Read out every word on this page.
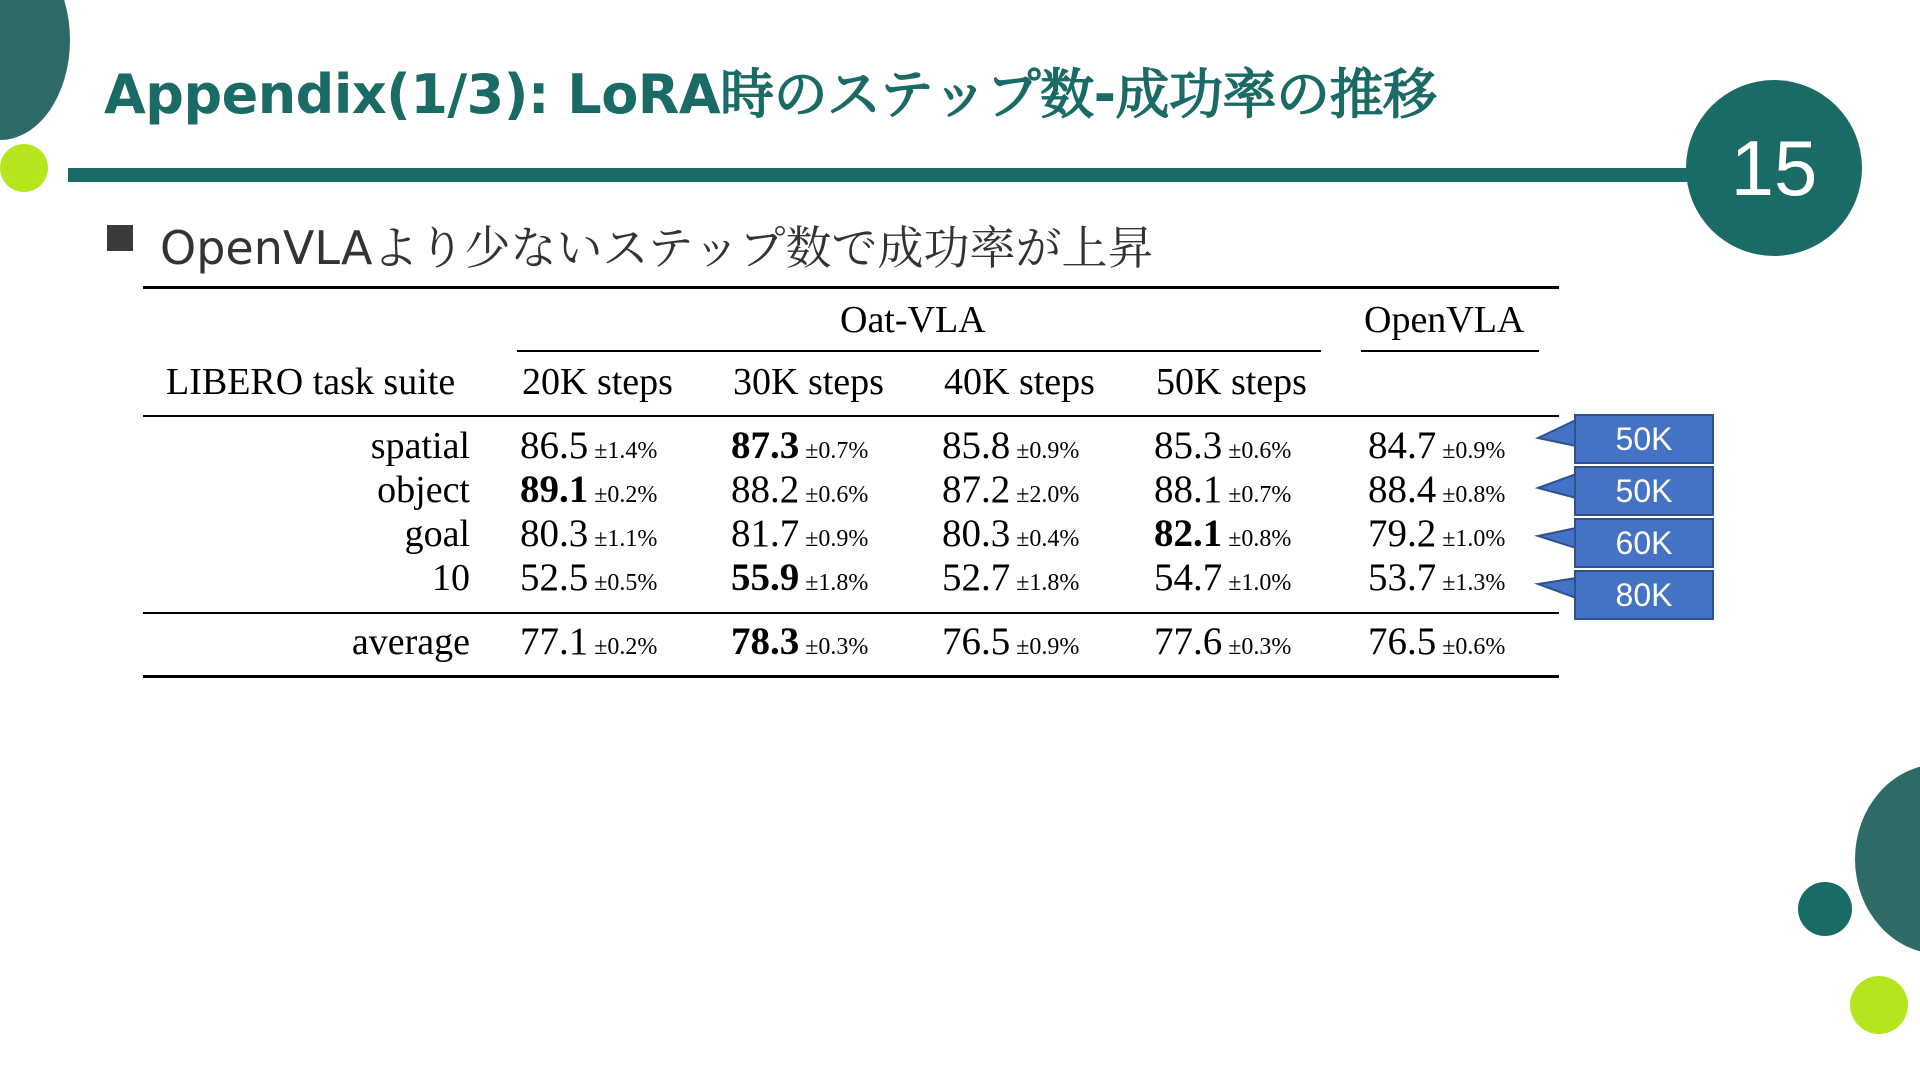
Appendix(1/3): LoRA時のステップ数-成功率の推移
15
OpenVLAより少ないステップ数で成功率が上昇
Oat-VLA	OpenVLA
LIBERO task suite 20K steps 30K steps 40K steps 50K steps
spatial
object
goal
10
86.5 ±1.4% 87.3 ±0.7% 85.8 ±0.9% 85.3 ±0.6% 84.7 ±0.9%
89.1 ±0.2% 88.2 ±0.6% 87.2 ±2.0% 88.1 ±0.7% 88.4 ±0.8%
80.3 ±1.1% 81.7 ±0.9% 80.3 ±0.4% 82.1 ±0.8% 79.2 ±1.0%
52.5 ±0.5% 55.9 ±1.8% 52.7 ±1.8% 54.7 ±1.0% 53.7 ±1.3%
average 77.1 ±0.2% 78.3 ±0.3% 76.5 ±0.9% 77.6 ±0.3% 76.5 ±0.6%
50K
50K
60K
80K
